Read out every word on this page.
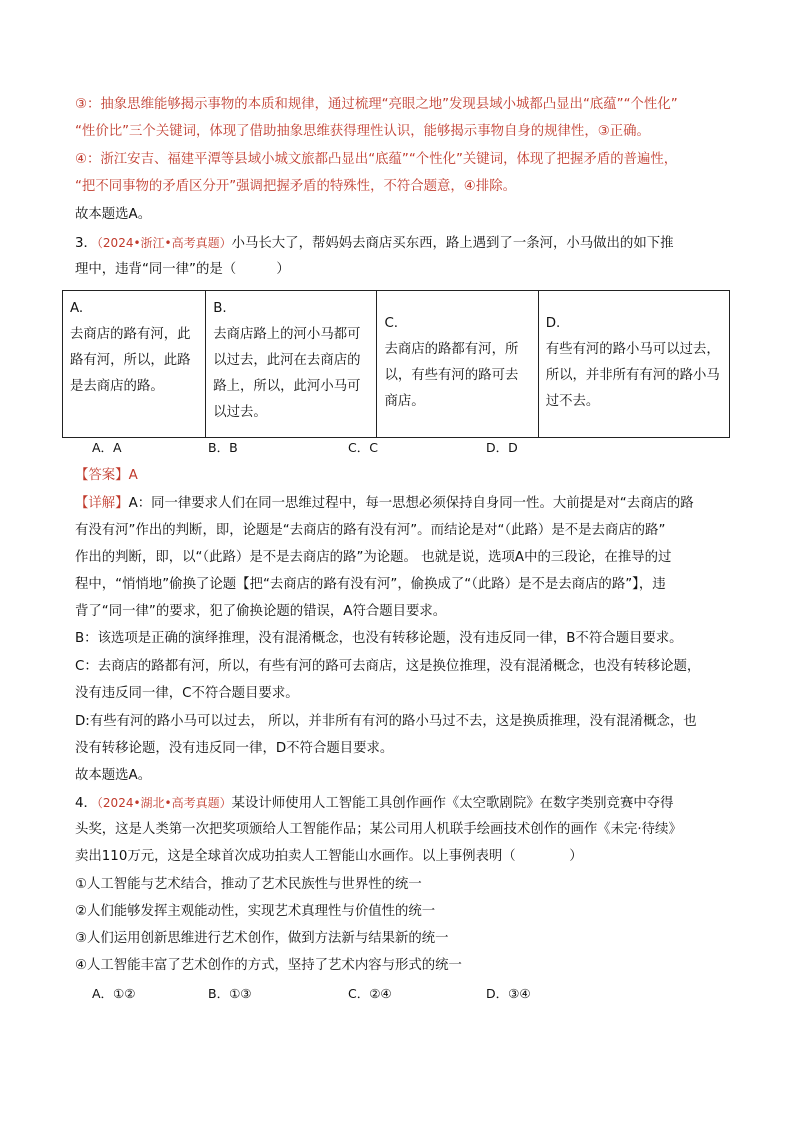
③：抽象思维能够揭示事物的本质和规律，通过梳理“亮眼之地”发现县域小城都凸显出“底蕴”“个性化”
“性价比”三个关键词，体现了借助抽象思维获得理性认识，能够揭示事物自身的规律性，③正确。
④：浙江安吉、福建平潭等县域小城文旅都凸显出“底蕴”“个性化”关键词，体现了把握矛盾的普遍性，
“把不同事物的矛盾区分开”强调把握矛盾的特殊性，不符合题意，④排除。
故本题选A。
3．（2024•浙江•高考真题）小马长大了，帮妈妈去商店买东西，路上遇到了一条河，小马做出的如下推
理中，违背“同一律”的是（　　　）
A.
去商店的路有河，此路有河，所以，此路是去商店的路。

B.
去商店路上的河小马都可以过去，此河在去商店的路上，所以，此河小马可以过去。

C.
去商店的路都有河，所以，有些有河的路可去商店。

D.
有些有河的路小马可以过去，所以，并非所有有河的路小马过不去。
A．A	B．B	C．C	D．D
【答案】A
【详解】A：同一律要求人们在同一思维过程中，每一思想必须保持自身同一性。大前提是对“去商店的路
有没有河”作出的判断，即，论题是“去商店的路有没有河”。而结论是对“（此路）是不是去商店的路”
作出的判断，即，以“（此路）是不是去商店的路”为论题。 也就是说，选项A中的三段论，在推导的过
程中，“悄悄地”偷换了论题【把“去商店的路有没有河”，偷换成了“（此路）是不是去商店的路”】，违
背了“同一律”的要求，犯了偷换论题的错误，A符合题目要求。
B：该选项是正确的演绎推理，没有混淆概念，也没有转移论题，没有违反同一律，B不符合题目要求。
C：去商店的路都有河，所以，有些有河的路可去商店，这是换位推理，没有混淆概念，也没有转移论题，
没有违反同一律，C不符合题目要求。
D:有些有河的路小马可以过去， 所以，并非所有有河的路小马过不去，这是换质推理，没有混淆概念，也
没有转移论题，没有违反同一律，D不符合题目要求。
故本题选A。
4．（2024•湖北•高考真题）某设计师使用人工智能工具创作画作《太空歌剧院》在数字类别竞赛中夺得
头奖，这是人类第一次把奖项颁给人工智能作品；某公司用人机联手绘画技术创作的画作《未完·待续》
卖出110万元，这是全球首次成功拍卖人工智能山水画作。以上事例表明（　　　　）
①人工智能与艺术结合，推动了艺术民族性与世界性的统一
②人们能够发挥主观能动性，实现艺术真理性与价值性的统一
③人们运用创新思维进行艺术创作，做到方法新与结果新的统一
④人工智能丰富了艺术创作的方式，坚持了艺术内容与形式的统一
A．①②	B．①③	C．②④	D．③④
